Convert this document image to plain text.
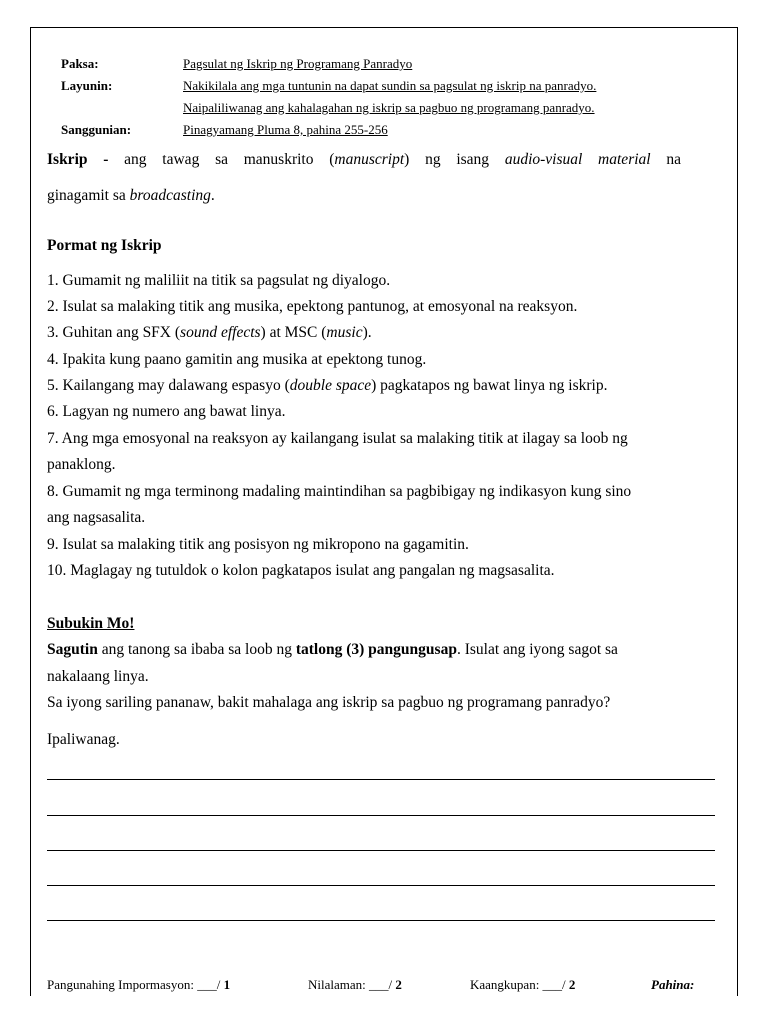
Paksa:	Pagsulat ng Iskrip ng Programang Panradyo
Layunin:	Nakikilala ang mga tuntunin na dapat sundin sa pagsulat ng iskrip na panradyo.
Naipaliliwanag ang kahalagahan ng iskrip sa pagbuo ng programang panradyo.
Sanggunian:	Pinagyamang Pluma 8, pahina 255-256
Iskrip - ang tawag sa manuskrito (manuscript) ng isang audio-visual material na
ginagamit sa broadcasting.
Pormat ng Iskrip
1. Gumamit ng maliliit na titik sa pagsulat ng diyalogo.
2. Isulat sa malaking titik ang musika, epektong pantunog, at emosyonal na reaksyon.
3. Guhitan ang SFX (sound effects) at MSC (music).
4. Ipakita kung paano gamitin ang musika at epektong tunog.
5. Kailangang may dalawang espasyo (double space) pagkatapos ng bawat linya ng iskrip.
6. Lagyan ng numero ang bawat linya.
7. Ang mga emosyonal na reaksyon ay kailangang isulat sa malaking titik at ilagay sa loob ng
panaklong.
8. Gumamit ng mga terminong madaling maintindihan sa pagbibigay ng indikasyon kung sino
ang nagsasalita.
9. Isulat sa malaking titik ang posisyon ng mikropono na gagamitin.
10. Maglagay ng tutuldok o kolon pagkatapos isulat ang pangalan ng magsasalita.
Subukin Mo!
Sagutin ang tanong sa ibaba sa loob ng tatlong (3) pangungusap. Isulat ang iyong sagot sa
nakalaang linya.
Sa iyong sariling pananaw, bakit mahalaga ang iskrip sa pagbuo ng programang panradyo?
Ipaliwanag.
Pangunahing Impormasyon: ___/ 1	Nilalaman: ___/ 2	Kaangkupan: ___/ 2	Pahina:
